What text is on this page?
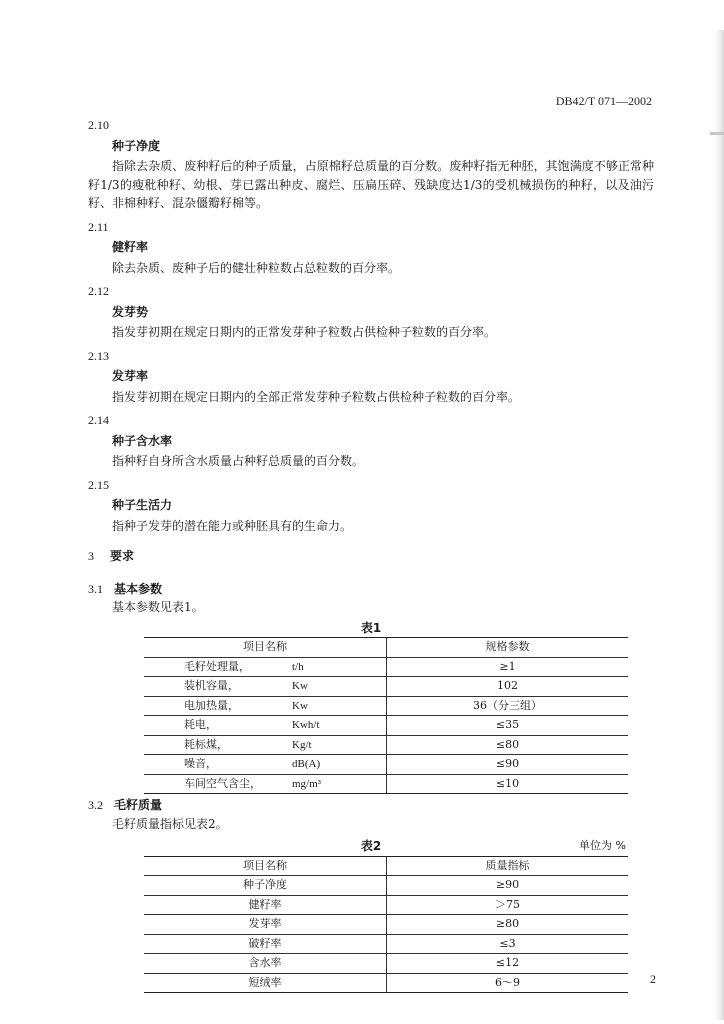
DB42/T 071—2002
2.10
种子净度

指除去杂质、废种籽后的种子质量，占原棉籽总质量的百分数。废种籽指无种胚，其饱满度不够正常种籽1/3的瘦秕种籽、幼根、芽已露出种皮、腐烂、压扁压碎、残缺度达1/3的受机械损伤的种籽，以及油污籽、非棉种籽、混杂僵瓣籽棉等。

2.11
健籽率

除去杂质、废种子后的健壮种粒数占总粒数的百分率。

2.12
发芽势

指发芽初期在规定日期内的正常发芽种子粒数占供检种子粒数的百分率。

2.13
发芽率

指发芽初期在规定日期内的全部正常发芽种子粒数占供检种子粒数的百分率。

2.14
种子含水率

指种籽自身所含水质量占种籽总质量的百分数。

2.15
种子生活力

指种子发芽的潜在能力或种胚具有的生命力。

3 要求
3.1 基本参数

基本参数见表1。

表1
项目名称	规格参数
毛籽处理量， t/h	≥1
装机容量， Kw	102
电加热量， Kw	36（分三组）
耗电， Kwh/t	≤35
耗标煤， Kg/t	≤80
噪音， dB(A)	≤90
车间空气含尘， mg/m³	≤10
3.2 毛籽质量

毛籽质量指标见表2。

表2	单位为 %
项目名称	质量指标
种子净度	≥90
健籽率	＞75
发芽率	≥80
破籽率	≤3
含水率	≤12
短绒率	6～9	2
